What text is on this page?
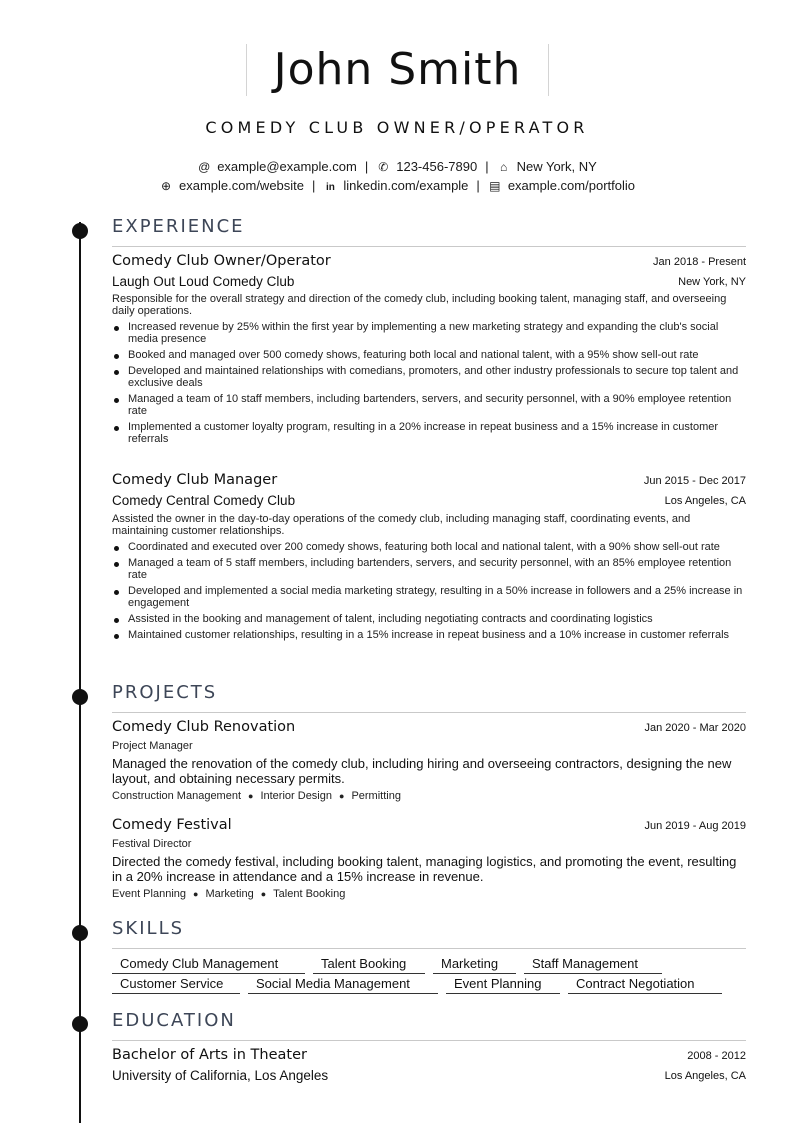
John Smith
COMEDY CLUB OWNER/OPERATOR
@ example@example.com | ✆ 123-456-7890 | ⌂ New York, NY
⊕ example.com/website | in linkedin.com/example | ▤ example.com/portfolio
EXPERIENCE
Comedy Club Owner/Operator	Jan 2018 - Present
Laugh Out Loud Comedy Club	New York, NY
Responsible for the overall strategy and direction of the comedy club, including booking talent, managing staff, and overseeing daily operations.
Increased revenue by 25% within the first year by implementing a new marketing strategy and expanding the club's social media presence
Booked and managed over 500 comedy shows, featuring both local and national talent, with a 95% show sell-out rate
Developed and maintained relationships with comedians, promoters, and other industry professionals to secure top talent and exclusive deals
Managed a team of 10 staff members, including bartenders, servers, and security personnel, with a 90% employee retention rate
Implemented a customer loyalty program, resulting in a 20% increase in repeat business and a 15% increase in customer referrals
Comedy Club Manager	Jun 2015 - Dec 2017
Comedy Central Comedy Club	Los Angeles, CA
Assisted the owner in the day-to-day operations of the comedy club, including managing staff, coordinating events, and maintaining customer relationships.
Coordinated and executed over 200 comedy shows, featuring both local and national talent, with a 90% show sell-out rate
Managed a team of 5 staff members, including bartenders, servers, and security personnel, with an 85% employee retention rate
Developed and implemented a social media marketing strategy, resulting in a 50% increase in followers and a 25% increase in engagement
Assisted in the booking and management of talent, including negotiating contracts and coordinating logistics
Maintained customer relationships, resulting in a 15% increase in repeat business and a 10% increase in customer referrals
PROJECTS
Comedy Club Renovation	Jan 2020 - Mar 2020
Project Manager
Managed the renovation of the comedy club, including hiring and overseeing contractors, designing the new layout, and obtaining necessary permits.
Construction Management ● Interior Design ● Permitting
Comedy Festival	Jun 2019 - Aug 2019
Festival Director
Directed the comedy festival, including booking talent, managing logistics, and promoting the event, resulting in a 20% increase in attendance and a 15% increase in revenue.
Event Planning ● Marketing ● Talent Booking
SKILLS
Comedy Club Management	Talent Booking	Marketing	Staff Management
Customer Service	Social Media Management	Event Planning	Contract Negotiation
EDUCATION
Bachelor of Arts in Theater	2008 - 2012
University of California, Los Angeles	Los Angeles, CA
